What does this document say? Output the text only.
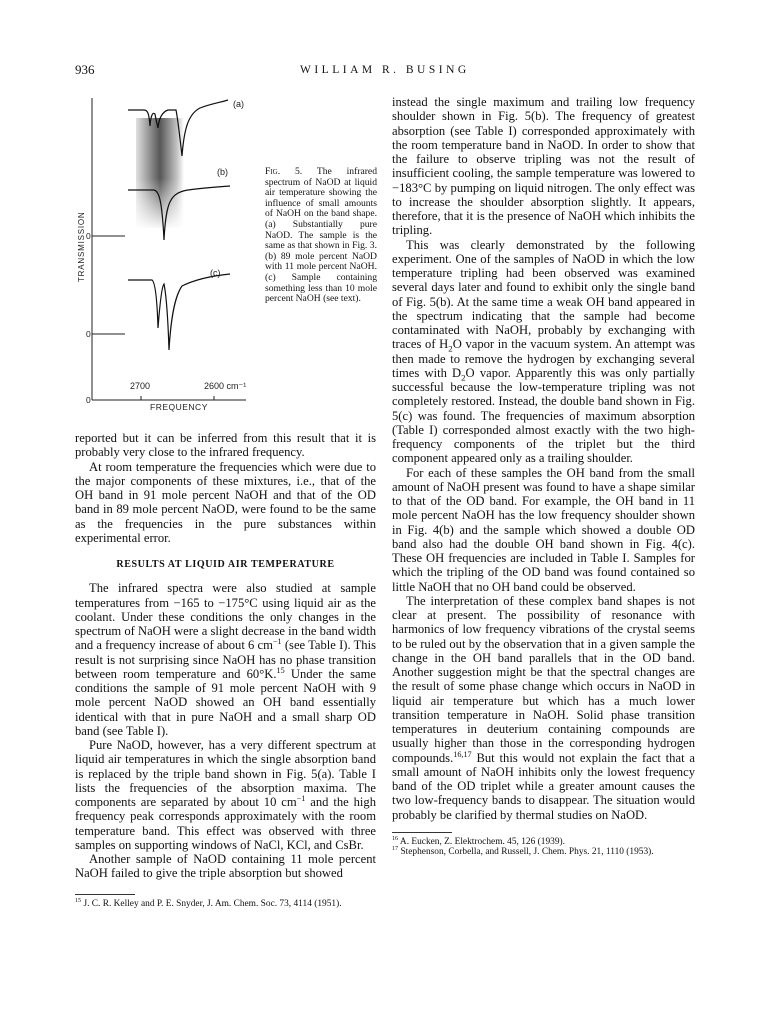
936	WILLIAM R. BUSING
(a)
(b)
(c)
0
0
0
TRANSMISSION
2700	2600 cm⁻¹
FREQUENCY
Fig. 5. The infrared spectrum of NaOD at liquid air temperature showing the influence of small amounts of NaOH on the band shape. (a) Substantially pure NaOD. The sample is the same as that shown in Fig. 3. (b) 89 mole percent NaOD with 11 mole percent NaOH. (c) Sample containing something less than 10 mole percent NaOH (see text).

reported but it can be inferred from this result that it is probably very close to the infrared frequency.

At room temperature the frequencies which were due to the major components of these mixtures, i.e., that of the OH band in 91 mole percent NaOH and that of the OD band in 89 mole percent NaOD, were found to be the same as the frequencies in the pure substances within experimental error.

RESULTS AT LIQUID AIR TEMPERATURE

The infrared spectra were also studied at sample temperatures from −165 to −175°C using liquid air as the coolant. Under these conditions the only changes in the spectrum of NaOH were a slight decrease in the band width and a frequency increase of about 6 $cm^{-1}$ (see Table I). This result is not surprising since NaOH has no phase transition between room temperature and 60°K.$^{15}$ Under the same conditions the sample of 91 mole percent NaOH with 9 mole percent NaOD showed an OH band essentially identical with that in pure NaOH and a small sharp OD band (see Table I).

Pure NaOD, however, has a very different spectrum at liquid air temperatures in which the single absorption band is replaced by the triple band shown in Fig. 5(a). Table I lists the frequencies of the absorption maxima. The components are separated by about 10 $cm^{-1}$ and the high frequency peak corresponds approximately with the room temperature band. This effect was observed with three samples on supporting windows of NaCl, KCl, and CsBr.

Another sample of NaOD containing 11 mole percent NaOH failed to give the triple absorption but showed

$^{15}$ J. C. R. Kelley and P. E. Snyder, J. Am. Chem. Soc. 73, 4114 (1951).

instead the single maximum and trailing low frequency shoulder shown in Fig. 5(b). The frequency of greatest absorption (see Table I) corresponded approximately with the room temperature band in NaOD. In order to show that the failure to observe tripling was not the result of insufficient cooling, the sample temperature was lowered to −183°C by pumping on liquid nitrogen. The only effect was to increase the shoulder absorption slightly. It appears, therefore, that it is the presence of NaOH which inhibits the tripling.

This was clearly demonstrated by the following experiment. One of the samples of NaOD in which the low temperature tripling had been observed was examined several days later and found to exhibit only the single band of Fig. 5(b). At the same time a weak OH band appeared in the spectrum indicating that the sample had become contaminated with NaOH, probably by exchanging with traces of $H_2O$ vapor in the vacuum system. An attempt was then made to remove the hydrogen by exchanging several times with $D_2O$ vapor. Apparently this was only partially successful because the low-temperature tripling was not completely restored. Instead, the double band shown in Fig. 5(c) was found. The frequencies of maximum absorption (Table I) corresponded almost exactly with the two high-frequency components of the triplet but the third component appeared only as a trailing shoulder.

For each of these samples the OH band from the small amount of NaOH present was found to have a shape similar to that of the OD band. For example, the OH band in 11 mole percent NaOH has the low frequency shoulder shown in Fig. 4(b) and the sample which showed a double OD band also had the double OH band shown in Fig. 4(c). These OH frequencies are included in Table I. Samples for which the tripling of the OD band was found contained so little NaOH that no OH band could be observed.

The interpretation of these complex band shapes is not clear at present. The possibility of resonance with harmonics of low frequency vibrations of the crystal seems to be ruled out by the observation that in a given sample the change in the OH band parallels that in the OD band. Another suggestion might be that the spectral changes are the result of some phase change which occurs in NaOD in liquid air temperature but which has a much lower transition temperature in NaOH. Solid phase transition temperatures in deuterium containing compounds are usually higher than those in the corresponding hydrogen compounds.$^{16,17}$ But this would not explain the fact that a small amount of NaOH inhibits only the lowest frequency band of the OD triplet while a greater amount causes the two low-frequency bands to disappear. The situation would probably be clarified by thermal studies on NaOD.

$^{16}$ A. Eucken, Z. Elektrochem. 45, 126 (1939).
$^{17}$ Stephenson, Corbella, and Russell, J. Chem. Phys. 21, 1110 (1953).
